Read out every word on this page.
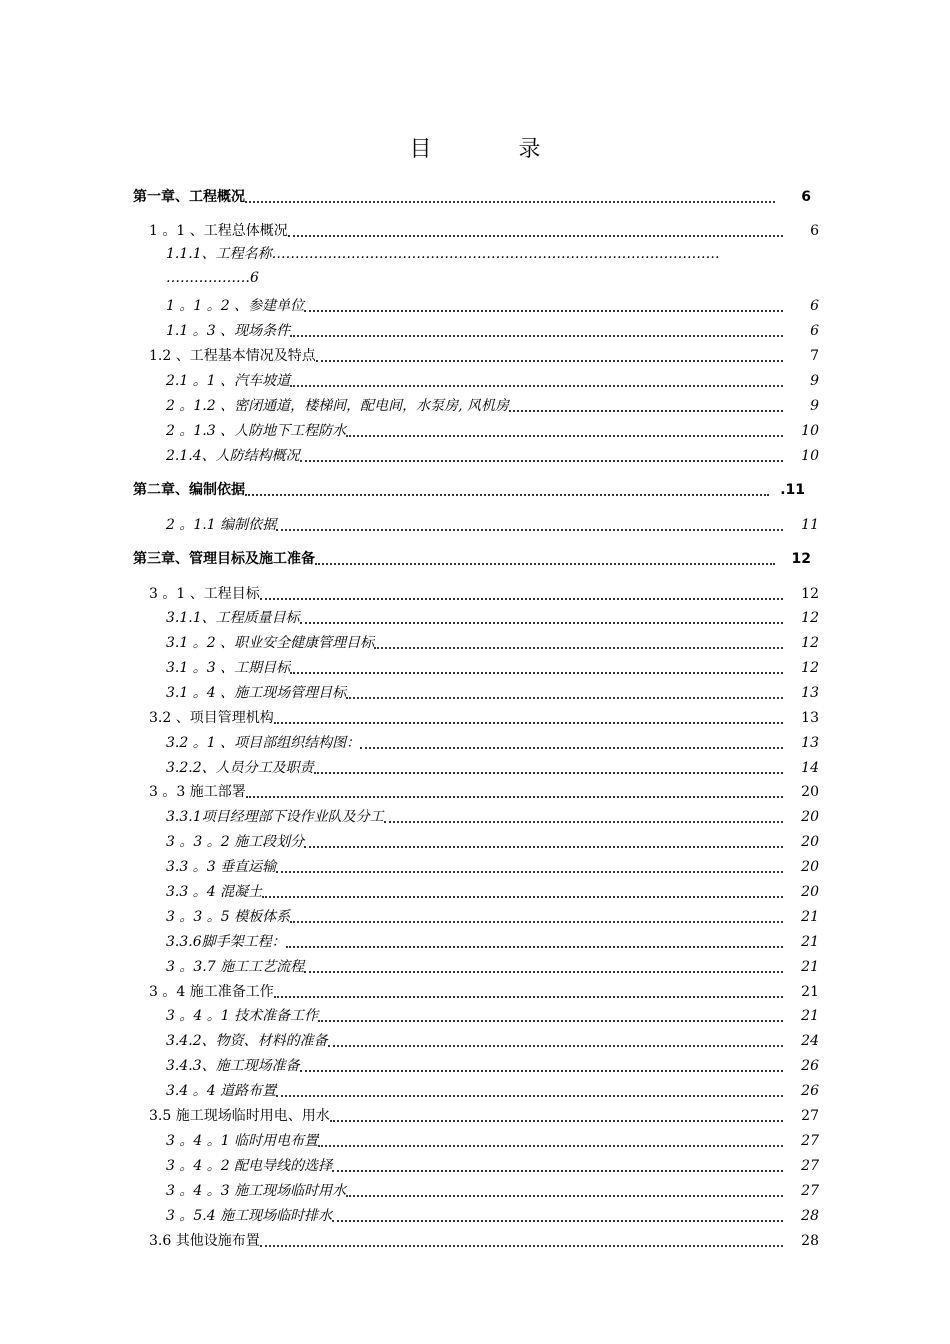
目 录
第一章、工程概况	6
1 。1 、工程总体概况	6
1.1.1、工程名称……………………………………………………………………………………
………………6
1 。1 。2 、参建单位	6
1.1 。3 、现场条件	6
1.2 、工程基本情况及特点	7
2.1 。1 、汽车坡道	9
2 。1.2 、密闭通道，楼梯间，配电间，水泵房, 风机房	9
2 。1.3 、人防地下工程防水	10
2.1.4、人防结构概况	10
第二章、编制依据	.11
2 。1.1 编制依据	11
第三章、管理目标及施工准备	12
3 。1 、工程目标	12
3.1.1、工程质量目标	12
3.1 。2 、职业安全健康管理目标	12
3.1 。3 、工期目标	12
3.1 。4 、施工现场管理目标	13
3.2 、项目管理机构	13
3.2 。1 、项目部组织结构图：	13
3.2.2、人员分工及职责	14
3 。3 施工部署	20
3.3.1项目经理部下设作业队及分工	20
3 。3 。2 施工段划分	20
3.3 。3 垂直运输	20
3.3 。4 混凝土	20
3 。3 。5 模板体系	21
3.3.6脚手架工程：	21
3 。3.7 施工工艺流程	21
3 。4 施工准备工作	21
3 。4 。1 技术准备工作	21
3.4.2、物资、材料的准备	24
3.4.3、施工现场准备	26
3.4 。4 道路布置	26
3.5 施工现场临时用电、用水	27
3 。4 。1 临时用电布置	27
3 。4 。2 配电导线的选择	27
3 。4 。3 施工现场临时用水	27
3 。5.4 施工现场临时排水	28
3.6 其他设施布置	28
